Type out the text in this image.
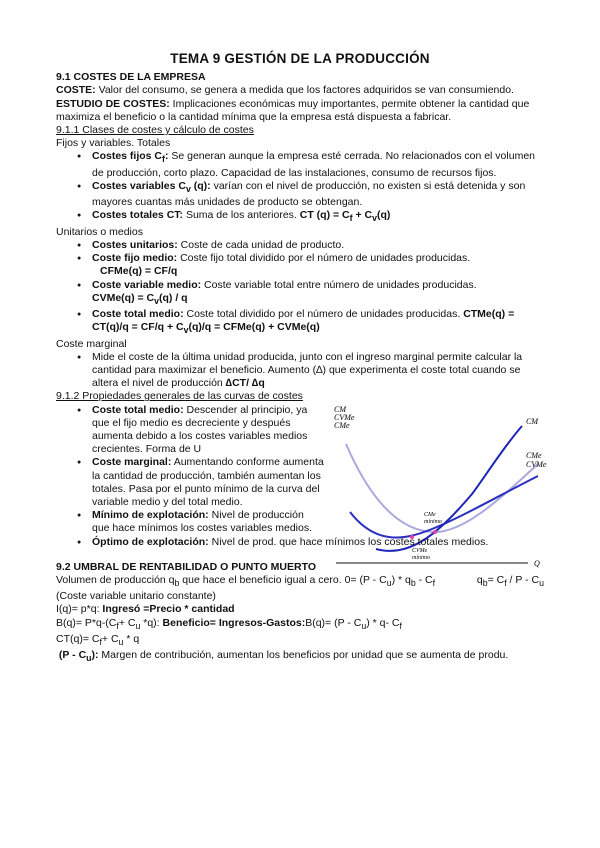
TEMA 9 GESTIÓN DE LA PRODUCCIÓN

9.1 COSTES DE LA EMPRESA

COSTE: Valor del consumo, se genera a medida que los factores adquiridos se van consumiendo.

ESTUDIO DE COSTES: Implicaciones económicas muy importantes, permite obtener la cantidad que maximiza el beneficio o la cantidad mínima que la empresa está dispuesta a fabricar.

9.1.1 Clases de costes y cálculo de costes

Fijos y variables. Totales

● Costes fijos $C_f$: Se generan aunque la empresa esté cerrada. No relacionados con el volumen de producción, corto plazo. Capacidad de las instalaciones, consumo de recursos fijos.
● Costes variables $C_v$ (q): varían con el nivel de producción, no existen si está detenida y son mayores cuantas más unidades de producto se obtengan.
● Costes totales CT: Suma de los anteriores. CT $(q) = C_f + C_v(q)$

Unitarios o medios

● Costes unitarios: Coste de cada unidad de producto.
● Coste fijo medio: Coste fijo total dividido por el número de unidades producidas.
CFMe(q) = CF/q
● Coste variable medio: Coste variable total entre número de unidades producidas.
CVMe(q) = $C_v(q)$ / q
● Coste total medio: Coste total dividido por el número de unidades producidas. CTMe(q) = $CT(q)/q = CF/q + C_v(q)/q$ = CFMe(q) + CVMe(q)

Coste marginal

● Mide el coste de la última unidad producida, junto con el ingreso marginal permite calcular la cantidad para maximizar el beneficio. Aumento (∆) que experimenta el coste total cuando se altera el nivel de producción ∆CT/ ∆q

9.1.2 Propiedades generales de las curvas de costes

● Coste total medio: Descender al principio, ya que el fijo medio es decreciente y después aumenta debido a los costes variables medios crecientes. Forma de U
● Coste marginal: Aumentando conforme aumenta la cantidad de producción, también aumentan los totales. Pasa por el punto mínimo de la curva del variable medio y del total medio.
● Mínimo de explotación: Nivel de producción que hace mínimos los costes variables medios.
CM
CVMe
CMe	CM
CMe
CVMe
CMe
mínimo
CVMe
mínimo
Q
● Óptimo de explotación: Nivel de prod. que hace mínimos los costes totales medios.

9.2 UMBRAL DE RENTABILIDAD O PUNTO MUERTO

Volumen de producción $q_b$ que hace el beneficio igual a cero. $0= (P - C_u) * q_b - C_f$	$q_b= C_f / P - C_u$

(Coste variable unitario constante)

I(q)= p*q: Ingresó =Precio * cantidad

$B(q)= P*q-(C_f+ C_u$ *q): Beneficio= Ingresos-Gastos:B(q)= $(P - C_u) * q-$ $C_f$

$CT(q)= C_f+ C_u * q$

$(P - C_u)$: Margen de contribución, aumentan los beneficios por unidad que se aumenta de produ.
